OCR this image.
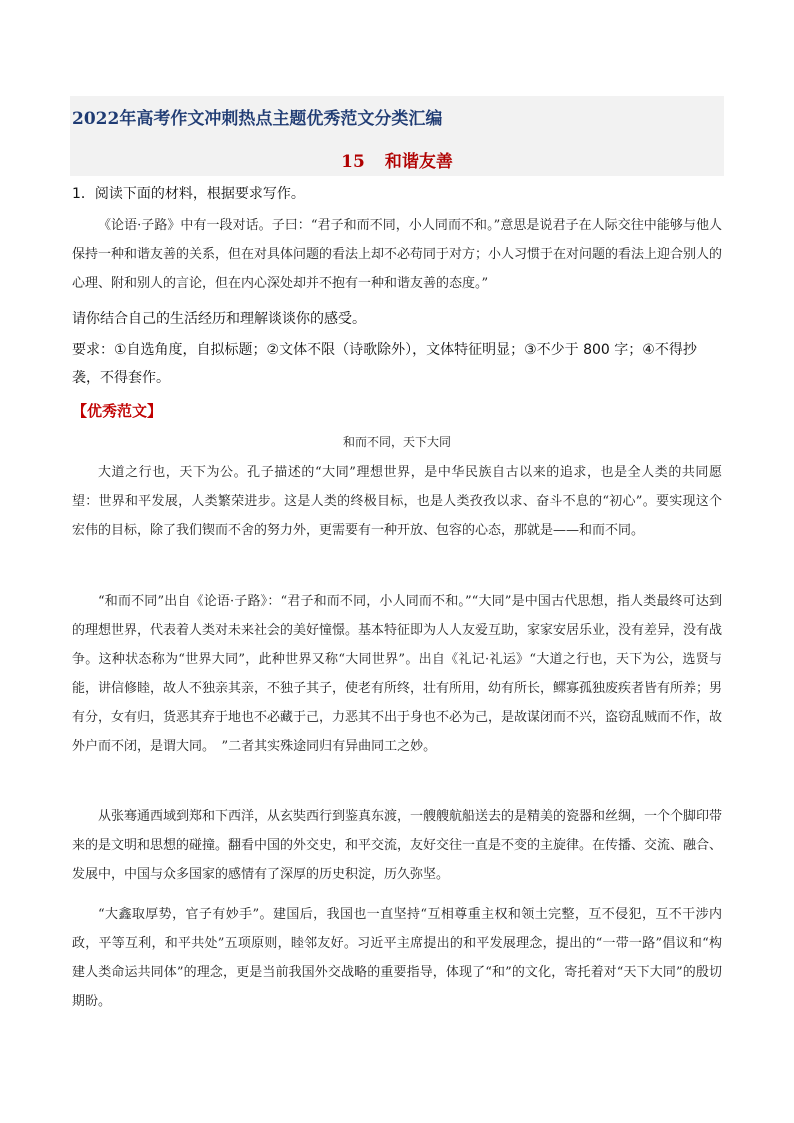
2022年高考作文冲刺热点主题优秀范文分类汇编
15 和谐友善

1．阅读下面的材料，根据要求写作。

《论语·子路》中有一段对话。子曰：“君子和而不同，小人同而不和。”意思是说君子在人际交往中能够与他人保持一种和谐友善的关系，但在对具体问题的看法上却不必苟同于对方；小人习惯于在对问题的看法上迎合别人的心理、附和别人的言论，但在内心深处却并不抱有一种和谐友善的态度。”

请你结合自己的生活经历和理解谈谈你的感受。

要求：①自选角度，自拟标题；②文体不限（诗歌除外），文体特征明显；③不少于 800 字；④不得抄袭，不得套作。

【优秀范文】
和而不同，天下大同

大道之行也，天下为公。孔子描述的“大同”理想世界，是中华民族自古以来的追求，也是全人类的共同愿望：世界和平发展，人类繁荣进步。这是人类的终极目标，也是人类孜孜以求、奋斗不息的“初心”。要实现这个宏伟的目标，除了我们锲而不舍的努力外，更需要有一种开放、包容的心态，那就是——和而不同。

“和而不同”出自《论语·子路》：“君子和而不同，小人同而不和。”“大同”是中国古代思想，指人类最终可达到的理想世界，代表着人类对未来社会的美好憧憬。基本特征即为人人友爱互助，家家安居乐业，没有差异，没有战争。这种状态称为“世界大同”，此种世界又称“大同世界”。出自《礼记·礼运》“大道之行也，天下为公，选贤与能，讲信修睦，故人不独亲其亲，不独子其子，使老有所终，壮有所用，幼有所长，鳏寡孤独废疾者皆有所养；男有分，女有归，货恶其弃于地也不必藏于己，力恶其不出于身也不必为己，是故谋闭而不兴，盗窃乱贼而不作，故外户而不闭，是谓大同。　”二者其实殊途同归有异曲同工之妙。

从张骞通西域到郑和下西洋，从玄奘西行到鉴真东渡，一艘艘航船送去的是精美的瓷器和丝绸，一个个脚印带来的是文明和思想的碰撞。翻看中国的外交史，和平交流，友好交往一直是不变的主旋律。在传播、交流、融合、发展中，中国与众多国家的感情有了深厚的历史积淀，历久弥坚。

“大鑫取厚势，官子有妙手”。建国后，我国也一直坚持“互相尊重主权和领土完整，互不侵犯，互不干涉内政，平等互利，和平共处”五项原则，睦邻友好。习近平主席提出的和平发展理念，提出的“一带一路”倡议和“构建人类命运共同体”的理念，更是当前我国外交战略的重要指导，体现了“和”的文化，寄托着对“天下大同”的殷切期盼。
